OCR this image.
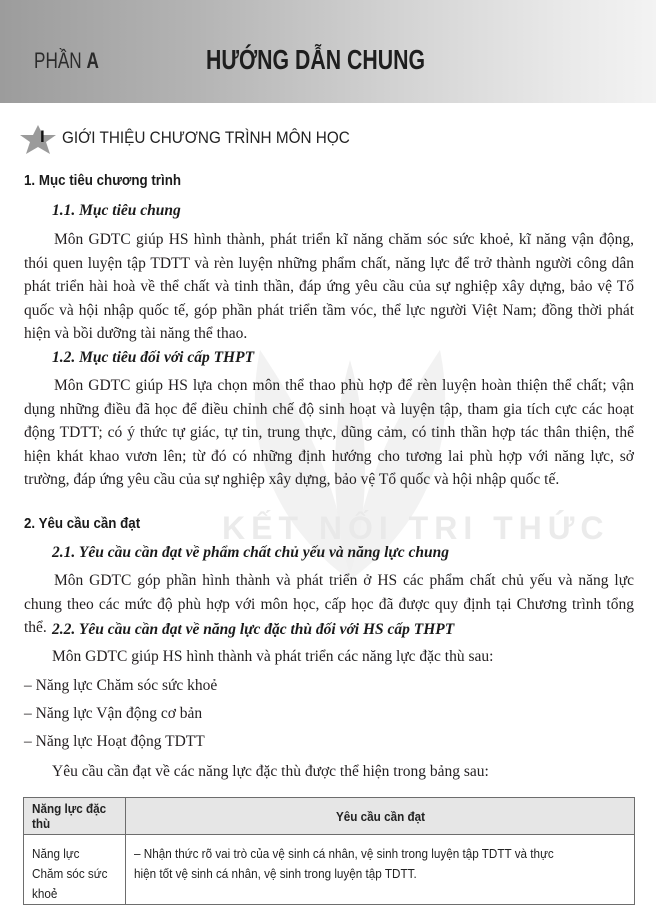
PHẦN A	HƯỚNG DẪN CHUNG
KẾT NỐI TRI THỨC
I GIỚI THIỆU CHƯƠNG TRÌNH MÔN HỌC
1. Mục tiêu chương trình
1.1. Mục tiêu chung
Môn GDTC giúp HS hình thành, phát triển kĩ năng chăm sóc sức khoẻ, kĩ năng vận động, thói quen luyện tập TDTT và rèn luyện những phẩm chất, năng lực để trở thành người công dân phát triển hài hoà về thể chất và tinh thần, đáp ứng yêu cầu của sự nghiệp xây dựng, bảo vệ Tổ quốc và hội nhập quốc tế, góp phần phát triển tầm vóc, thể lực người Việt Nam; đồng thời phát hiện và bồi dưỡng tài năng thể thao.
1.2. Mục tiêu đối với cấp THPT
Môn GDTC giúp HS lựa chọn môn thể thao phù hợp để rèn luyện hoàn thiện thể chất; vận dụng những điều đã học để điều chỉnh chế độ sinh hoạt và luyện tập, tham gia tích cực các hoạt động TDTT; có ý thức tự giác, tự tin, trung thực, dũng cảm, có tinh thần hợp tác thân thiện, thể hiện khát khao vươn lên; từ đó có những định hướng cho tương lai phù hợp với năng lực, sở trường, đáp ứng yêu cầu của sự nghiệp xây dựng, bảo vệ Tổ quốc và hội nhập quốc tế.
2. Yêu cầu cần đạt
2.1. Yêu cầu cần đạt về phẩm chất chủ yếu và năng lực chung
Môn GDTC góp phần hình thành và phát triển ở HS các phẩm chất chủ yếu và năng lực chung theo các mức độ phù hợp với môn học, cấp học đã được quy định tại Chương trình tổng thể. 2.2. Yêu cầu cần đạt về năng lực đặc thù đối với HS cấp THPT
Môn GDTC giúp HS hình thành và phát triển các năng lực đặc thù sau:
– Năng lực Chăm sóc sức khoẻ
– Năng lực Vận động cơ bản
– Năng lực Hoạt động TDTT
Yêu cầu cần đạt về các năng lực đặc thù được thể hiện trong bảng sau:
Năng lực đặc thù	Yêu cầu cần đạt
Năng lực Chăm sóc sức khoẻ	– Nhận thức rõ vai trò của vệ sinh cá nhân, vệ sinh trong luyện tập TDTT và thực hiện tốt vệ sinh cá nhân, vệ sinh trong luyện tập TDTT.
